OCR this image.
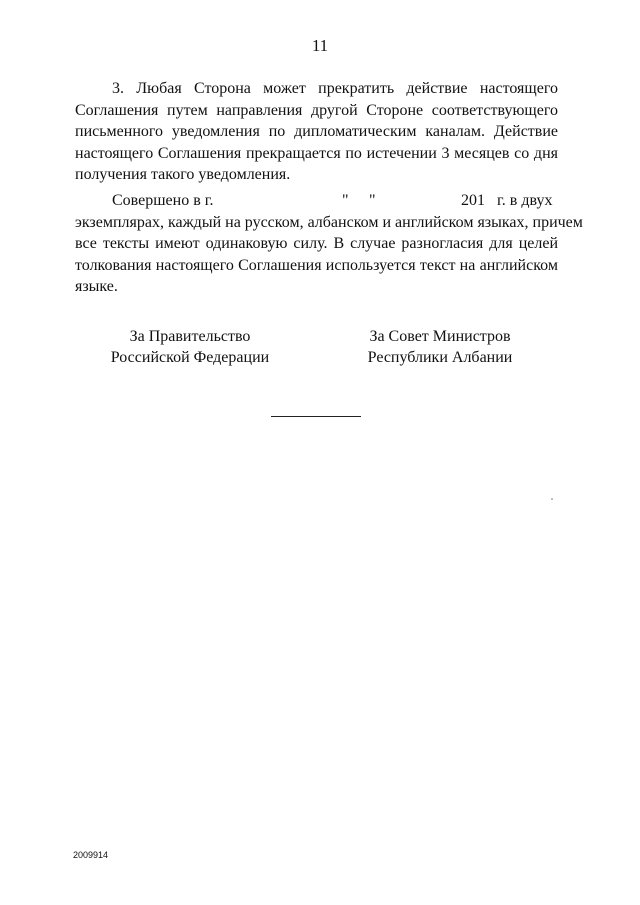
11
3. Любая Сторона может прекратить действие настоящего
Соглашения путем направления другой Стороне соответствующего
письменного уведомления по дипломатическим каналам. Действие
настоящего Соглашения прекращается по истечении 3 месяцев со дня
получения такого уведомления.
Совершено в г.	" "	201 г. в двух
экземплярах, каждый на русском, албанском и английском языках, причем
все тексты имеют одинаковую силу. В случае разногласия для целей
толкования настоящего Соглашения используется текст на английском
языке.
За Правительство
Российской Федерации
За Совет Министров
Республики Албании
2009914
